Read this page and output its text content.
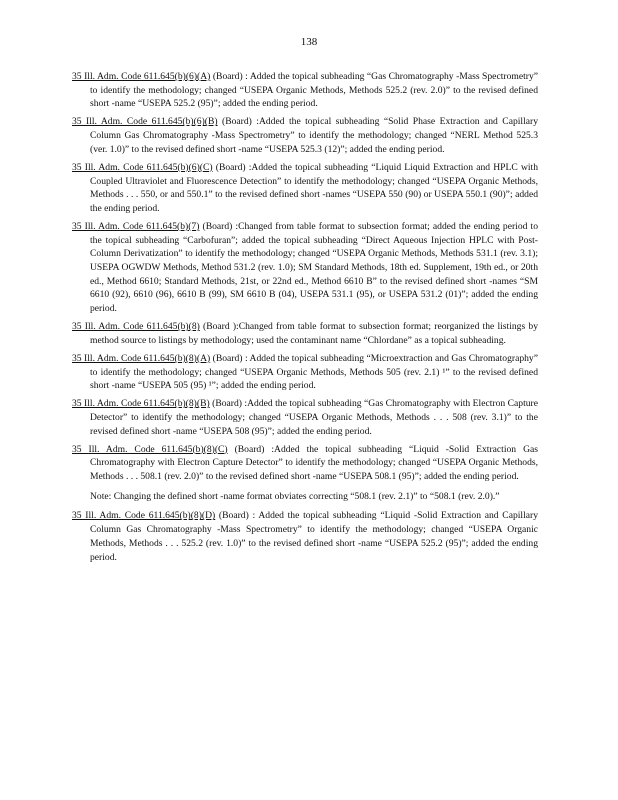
138

35 Ill. Adm. Code 611.645(b)(6)(A) (Board) : Added the topical subheading “Gas Chromatography -Mass Spectrometry” to identify the methodology; changed “USEPA Organic Methods, Methods 525.2 (rev. 2.0)” to the revised defined short -name “USEPA 525.2 (95)”; added the ending period.

35 Ill. Adm. Code 611.645(b)(6)(B) (Board) :Added the topical subheading “Solid Phase Extraction and Capillary Column Gas Chromatography -Mass Spectrometry” to identify the methodology; changed “NERL Method 525.3 (ver. 1.0)” to the revised defined short -name “USEPA 525.3 (12)”; added the ending period.

35 Ill. Adm. Code 611.645(b)(6)(C) (Board) :Added the topical subheading “Liquid Liquid Extraction and HPLC with Coupled Ultraviolet and Fluorescence Detection” to identify the methodology; changed “USEPA Organic Methods, Methods . . . 550, or and 550.1” to the revised defined short -names “USEPA 550 (90) or USEPA 550.1 (90)”; added the ending period.

35 Ill. Adm. Code 611.645(b)(7) (Board) :Changed from table format to subsection format; added the ending period to the topical subheading “Carbofuran”; added the topical subheading “Direct Aqueous Injection HPLC with Post-Column Derivatization” to identify the methodology; changed “USEPA Organic Methods, Methods 531.1 (rev. 3.1); USEPA OGWDW Methods, Method 531.2 (rev. 1.0); SM Standard Methods, 18th ed. Supplement, 19th ed., or 20th ed., Method 6610; Standard Methods, 21st, or 22nd ed., Method 6610 B” to the revised defined short -names “SM 6610 (92), 6610 (96), 6610 B (99), SM 6610 B (04), USEPA 531.1 (95), or USEPA 531.2 (01)”; added the ending period.

35 Ill. Adm. Code 611.645(b)(8) (Board ):Changed from table format to subsection format; reorganized the listings by method source to listings by methodology; used the contaminant name “Chlordane” as a topical subheading.

35 Ill. Adm. Code 611.645(b)(8)(A) (Board) : Added the topical subheading “Microextraction and Gas Chromatography” to identify the methodology; changed “USEPA Organic Methods, Methods 505 (rev. 2.1) ¹” to the revised defined short -name “USEPA 505 (95) ¹”; added the ending period.

35 Ill. Adm. Code 611.645(b)(8)(B) (Board) :Added the topical subheading “Gas Chromatography with Electron Capture Detector” to identify the methodology; changed “USEPA Organic Methods, Methods . . . 508 (rev. 3.1)” to the revised defined short -name “USEPA 508 (95)”; added the ending period.

35 Ill. Adm. Code 611.645(b)(8)(C) (Board) :Added the topical subheading “Liquid -Solid Extraction Gas Chromatography with Electron Capture Detector” to identify the methodology; changed “USEPA Organic Methods, Methods . . . 508.1 (rev. 2.0)” to the revised defined short -name “USEPA 508.1 (95)”; added the ending period.

Note: Changing the defined short -name format obviates correcting “508.1 (rev. 2.1)” to “508.1 (rev. 2.0).”

35 Ill. Adm. Code 611.645(b)(8)(D) (Board) : Added the topical subheading “Liquid -Solid Extraction and Capillary Column Gas Chromatography -Mass Spectrometry” to identify the methodology; changed “USEPA Organic Methods, Methods . . . 525.2 (rev. 1.0)” to the revised defined short -name “USEPA 525.2 (95)”; added the ending period.
